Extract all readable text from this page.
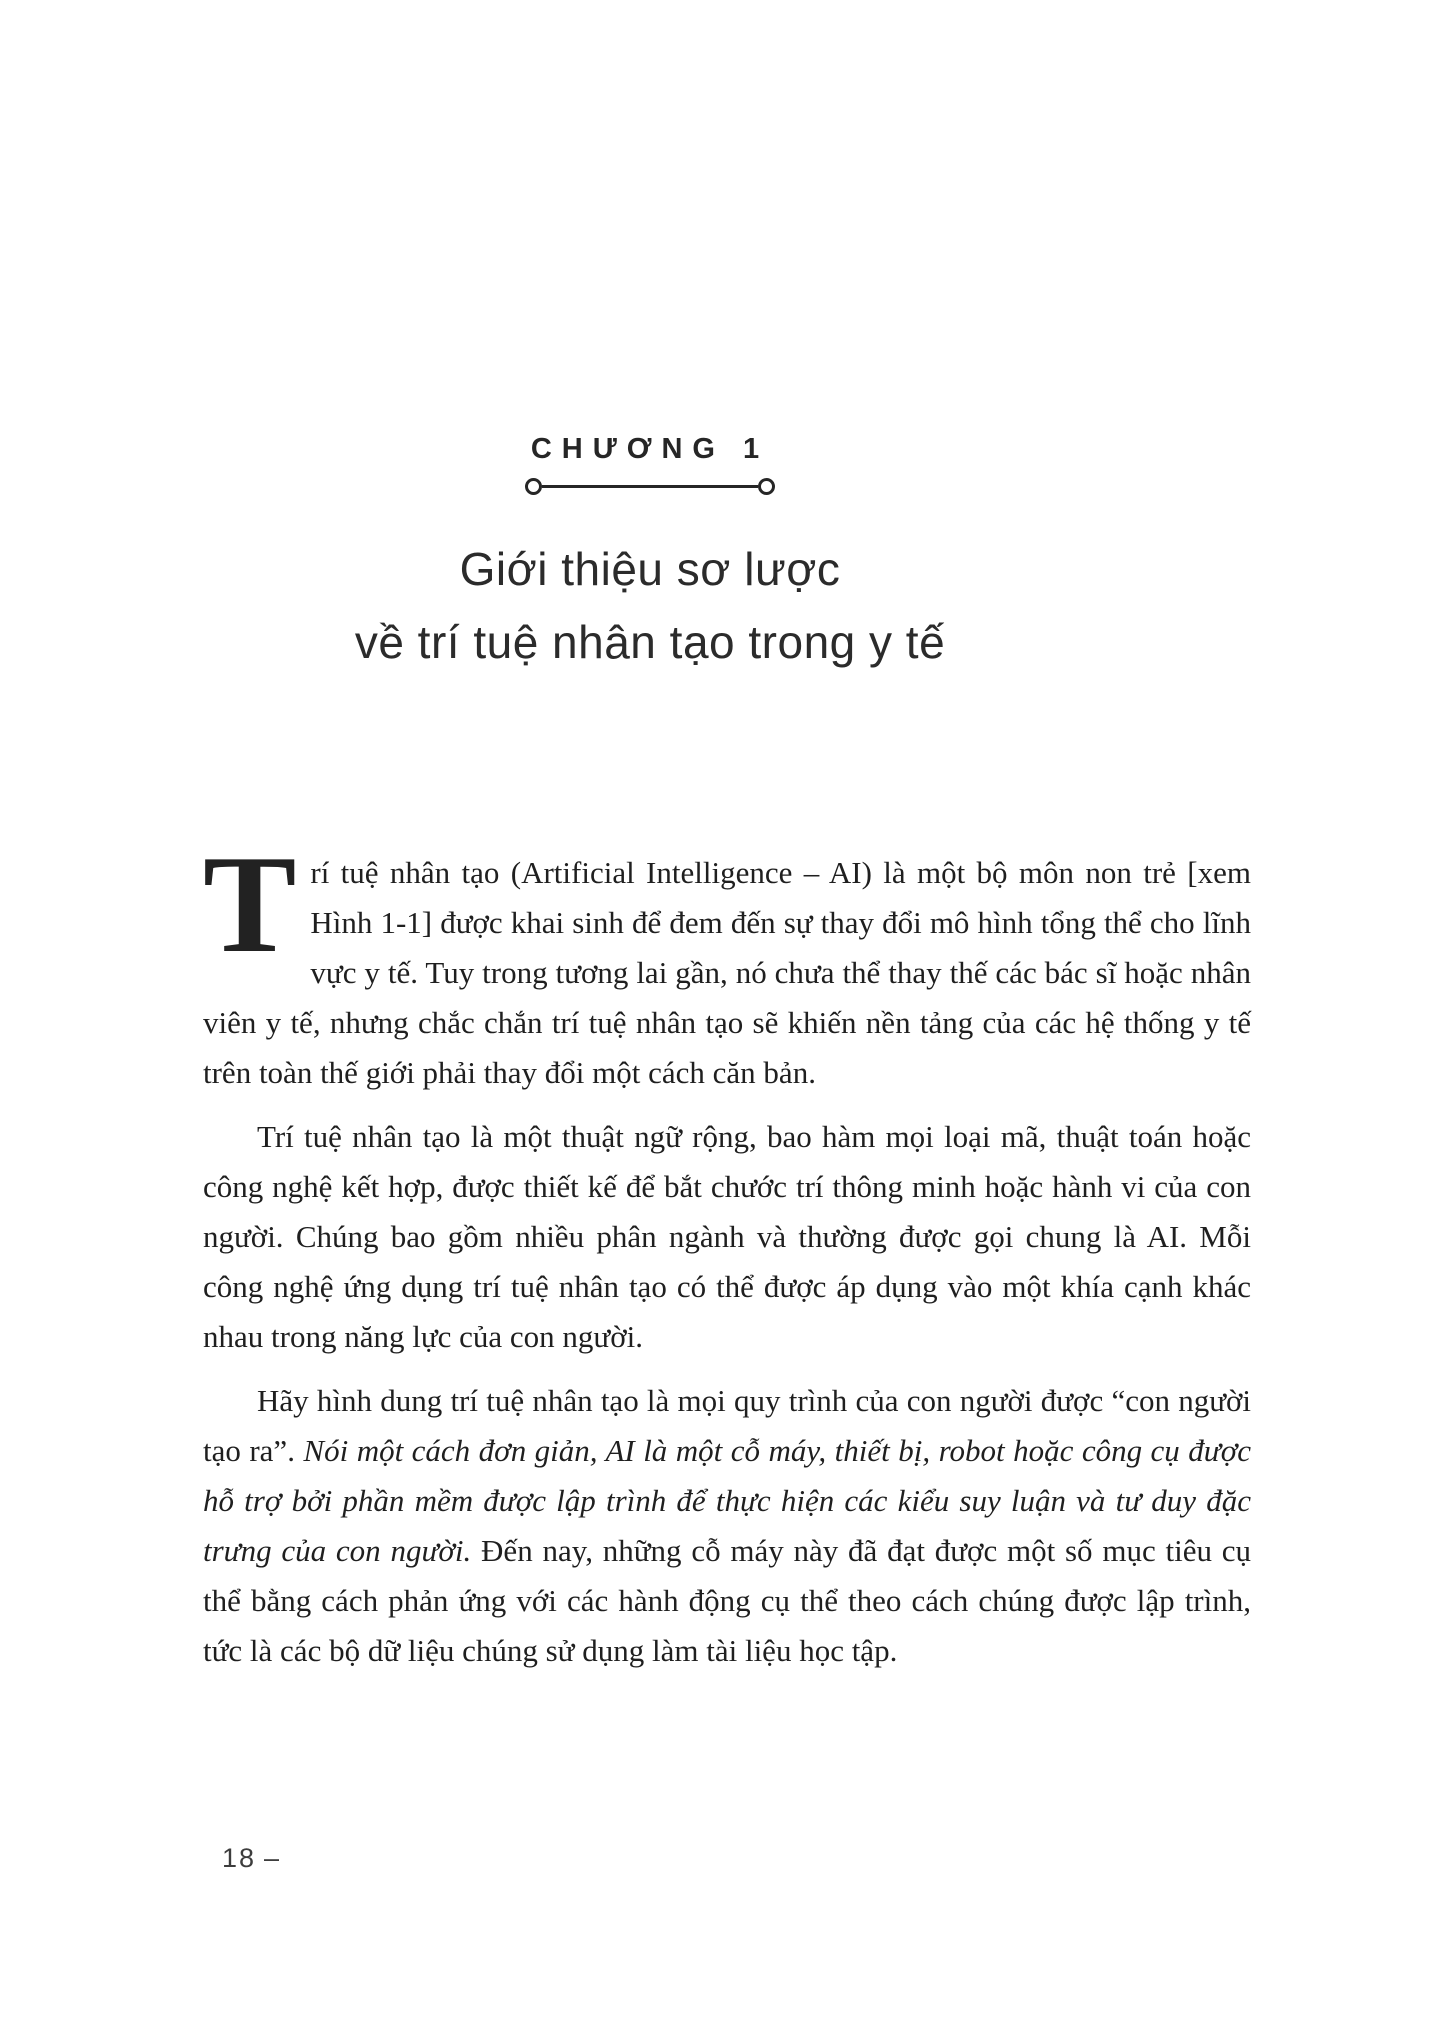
CHƯƠNG 1
Giới thiệu sơ lược
về trí tuệ nhân tạo trong y tế

Trí tuệ nhân tạo (Artificial Intelligence – AI) là một bộ môn non trẻ [xem Hình 1-1] được khai sinh để đem đến sự thay đổi mô hình tổng thể cho lĩnh vực y tế. Tuy trong tương lai gần, nó chưa thể thay thế các bác sĩ hoặc nhân viên y tế, nhưng chắc chắn trí tuệ nhân tạo sẽ khiến nền tảng của các hệ thống y tế trên toàn thế giới phải thay đổi một cách căn bản.

Trí tuệ nhân tạo là một thuật ngữ rộng, bao hàm mọi loại mã, thuật toán hoặc công nghệ kết hợp, được thiết kế để bắt chước trí thông minh hoặc hành vi của con người. Chúng bao gồm nhiều phân ngành và thường được gọi chung là AI. Mỗi công nghệ ứng dụng trí tuệ nhân tạo có thể được áp dụng vào một khía cạnh khác nhau trong năng lực của con người.

Hãy hình dung trí tuệ nhân tạo là mọi quy trình của con người được “con người tạo ra”. Nói một cách đơn giản, AI là một cỗ máy, thiết bị, robot hoặc công cụ được hỗ trợ bởi phần mềm được lập trình để thực hiện các kiểu suy luận và tư duy đặc trưng của con người. Đến nay, những cỗ máy này đã đạt được một số mục tiêu cụ thể bằng cách phản ứng với các hành động cụ thể theo cách chúng được lập trình, tức là các bộ dữ liệu chúng sử dụng làm tài liệu học tập.

18 –
